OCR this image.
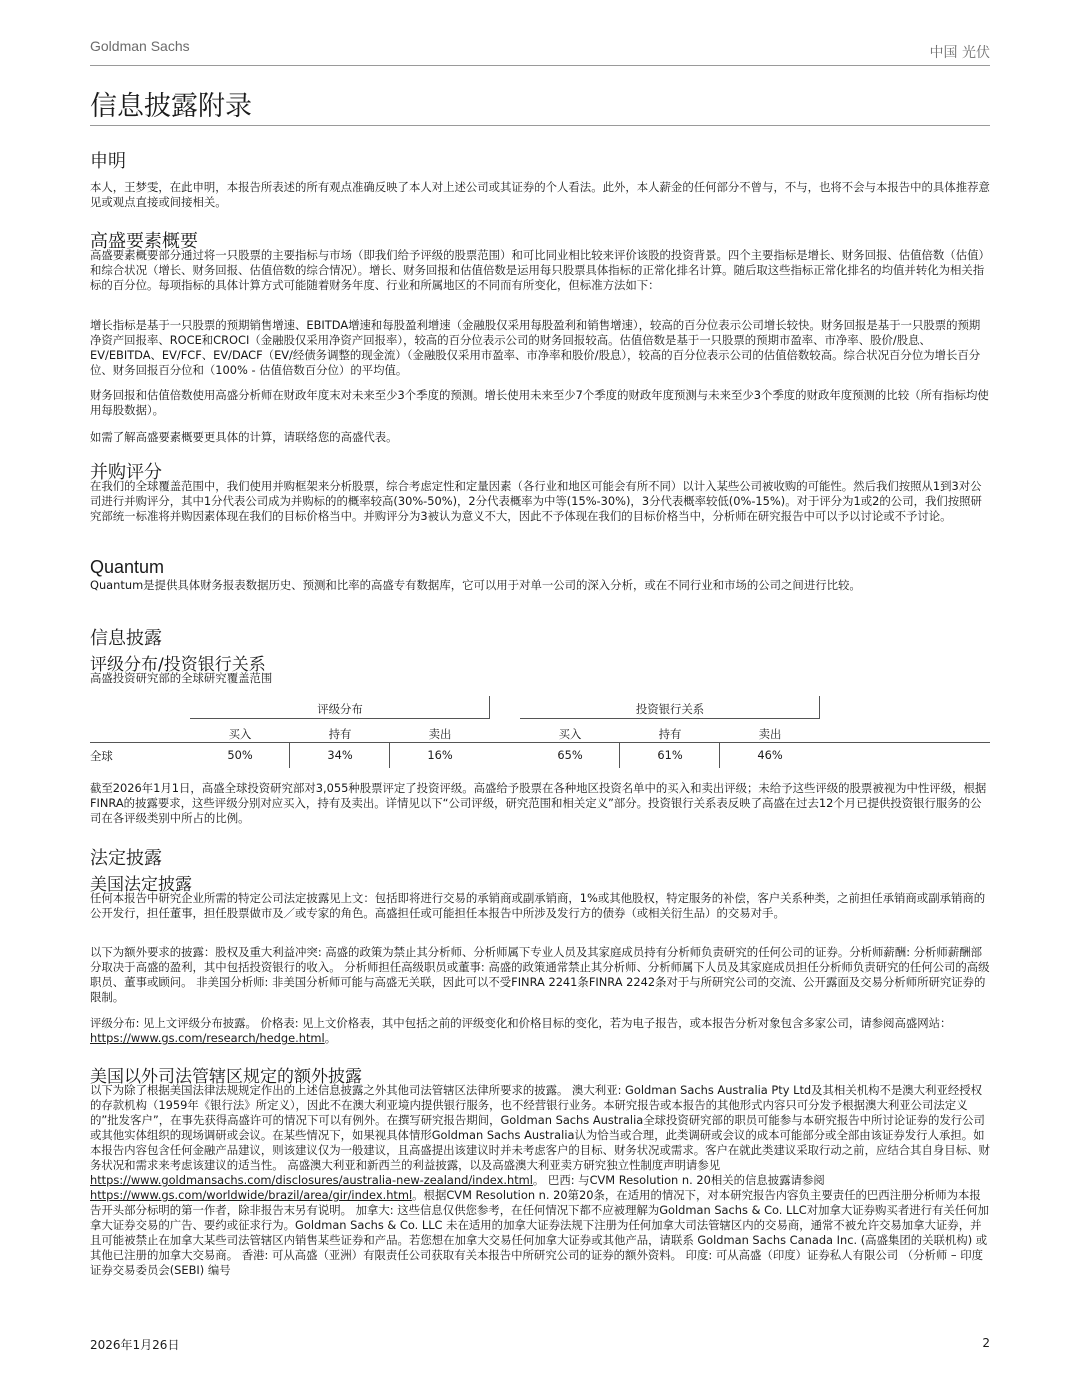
Goldman Sachs	中国 光伏
信息披露附录
申明
本人，王梦雯，在此申明，本报告所表述的所有观点准确反映了本人对上述公司或其证券的个人看法。此外，本人薪金的任何部分不曾与，不与，也将不会与本报告中的具体推荐意见或观点直接或间接相关。
高盛要素概要
高盛要素概要部分通过将一只股票的主要指标与市场（即我们给予评级的股票范围）和可比同业相比较来评价该股的投资背景。四个主要指标是增长、财务回报、估值倍数（估值）和综合状况（增长、财务回报、估值倍数的综合情况）。增长、财务回报和估值倍数是运用每只股票具体指标的正常化排名计算。随后取这些指标正常化排名的均值并转化为相关指标的百分位。每项指标的具体计算方式可能随着财务年度、行业和所属地区的不同而有所变化，但标准方法如下：
增长指标是基于一只股票的预期销售增速、EBITDA增速和每股盈利增速（金融股仅采用每股盈利和销售增速），较高的百分位表示公司增长较快。财务回报是基于一只股票的预期净资产回报率、ROCE和CROCI（金融股仅采用净资产回报率），较高的百分位表示公司的财务回报较高。估值倍数是基于一只股票的预期市盈率、市净率、股价/股息、EV/EBITDA、EV/FCF、EV/DACF（EV/经债务调整的现金流）（金融股仅采用市盈率、市净率和股价/股息），较高的百分位表示公司的估值倍数较高。综合状况百分位为增长百分位、财务回报百分位和（100% - 估值倍数百分位）的平均值。
财务回报和估值倍数使用高盛分析师在财政年度末对未来至少3个季度的预测。增长使用未来至少7个季度的财政年度预测与未来至少3个季度的财政年度预测的比较（所有指标均使用每股数据）。
如需了解高盛要素概要更具体的计算，请联络您的高盛代表。
并购评分
在我们的全球覆盖范围中，我们使用并购框架来分析股票，综合考虑定性和定量因素（各行业和地区可能会有所不同）以计入某些公司被收购的可能性。然后我们按照从1到3对公司进行并购评分，其中1分代表公司成为并购标的的概率较高(30%-50%)，2分代表概率为中等(15%-30%)，3分代表概率较低(0%-15%)。对于评分为1或2的公司，我们按照研究部统一标准将并购因素体现在我们的目标价格当中。并购评分为3被认为意义不大，因此不予体现在我们的目标价格当中，分析师在研究报告中可以予以讨论或不予讨论。
Quantum
Quantum是提供具体财务报表数据历史、预测和比率的高盛专有数据库，它可以用于对单一公司的深入分析，或在不同行业和市场的公司之间进行比较。
信息披露
评级分布/投资银行关系
高盛投资研究部的全球研究覆盖范围
评级分布	投资银行关系
买入	持有	卖出	买入	持有	卖出
全球	50%	34%	16%	65%	61%	46%
截至2026年1月1日，高盛全球投资研究部对3,055种股票评定了投资评级。高盛给予股票在各种地区投资名单中的买入和卖出评级；未给予这些评级的股票被视为中性评级，根据FINRA的披露要求，这些评级分别对应买入，持有及卖出。详情见以下“公司评级，研究范围和相关定义”部分。投资银行关系表反映了高盛在过去12个月已提供投资银行服务的公司在各评级类别中所占的比例。
法定披露
美国法定披露
任何本报告中研究企业所需的特定公司法定披露见上文：包括即将进行交易的承销商或副承销商，1%或其他股权，特定服务的补偿，客户关系种类，之前担任承销商或副承销商的公开发行，担任董事，担任股票做市及／或专家的角色。高盛担任或可能担任本报告中所涉及发行方的债券（或相关衍生品）的交易对手。
以下为额外要求的披露：股权及重大利益冲突: 高盛的政策为禁止其分析师、分析师属下专业人员及其家庭成员持有分析师负责研究的任何公司的证券。分析师薪酬: 分析师薪酬部分取决于高盛的盈利，其中包括投资银行的收入。 分析师担任高级职员或董事: 高盛的政策通常禁止其分析师、分析师属下人员及其家庭成员担任分析师负责研究的任何公司的高级职员、董事或顾问。 非美国分析师: 非美国分析师可能与高盛无关联，因此可以不受FINRA 2241条FINRA 2242条对于与所研究公司的交流、公开露面及交易分析师所研究证券的限制。
评级分布: 见上文评级分布披露。 价格表: 见上文价格表，其中包括之前的评级变化和价格目标的变化，若为电子报告，或本报告分析对象包含多家公司，请参阅高盛网站：https://www.gs.com/research/hedge.html。
美国以外司法管辖区规定的额外披露
以下为除了根据美国法律法规规定作出的上述信息披露之外其他司法管辖区法律所要求的披露。 澳大利亚: Goldman Sachs Australia Pty Ltd及其相关机构不是澳大利亚经授权的存款机构（1959年《银行法》所定义），因此不在澳大利亚境内提供银行服务，也不经营银行业务。本研究报告或本报告的其他形式内容只可分发予根据澳大利亚公司法定义的”批发客户”，在事先获得高盛许可的情况下可以有例外。在撰写研究报告期间，Goldman Sachs Australia全球投资研究部的职员可能参与本研究报告中所讨论证券的发行公司或其他实体组织的现场调研或会议。在某些情况下，如果视具体情形Goldman Sachs Australia认为恰当或合理，此类调研或会议的成本可能部分或全部由该证券发行人承担。如本报告内容包含任何金融产品建议，则该建议仅为一般建议，且高盛提出该建议时并未考虑客户的目标、财务状况或需求。客户在就此类建议采取行动之前，应结合其自身目标、财务状况和需求来考虑该建议的适当性。 高盛澳大利亚和新西兰的利益披露，以及高盛澳大利亚卖方研究独立性制度声明请参见https://www.goldmansachs.com/disclosures/australia-new-zealand/index.html。 巴西: 与CVM Resolution n. 20相关的信息披露请参阅https://www.gs.com/worldwide/brazil/area/gir/index.html。根据CVM Resolution n. 20第20条，在适用的情况下，对本研究报告内容负主要责任的巴西注册分析师为本报告开头部分标明的第一作者，除非报告末另有说明。 加拿大: 这些信息仅供您参考，在任何情况下都不应被理解为Goldman Sachs & Co. LLC对加拿大证券购买者进行有关任何加拿大证券交易的广告、要约或征求行为。Goldman Sachs & Co. LLC 未在适用的加拿大证券法规下注册为任何加拿大司法管辖区内的交易商，通常不被允许交易加拿大证券，并且可能被禁止在加拿大某些司法管辖区内销售某些证券和产品。若您想在加拿大交易任何加拿大证券或其他产品，请联系 Goldman Sachs Canada Inc. (高盛集团的关联机构) 或其他已注册的加拿大交易商。 香港: 可从高盛（亚洲）有限责任公司获取有关本报告中所研究公司的证券的额外资料。 印度: 可从高盛（印度）证券私人有限公司 （分析师 – 印度证券交易委员会(SEBI) 编号
2026年1月26日	2
